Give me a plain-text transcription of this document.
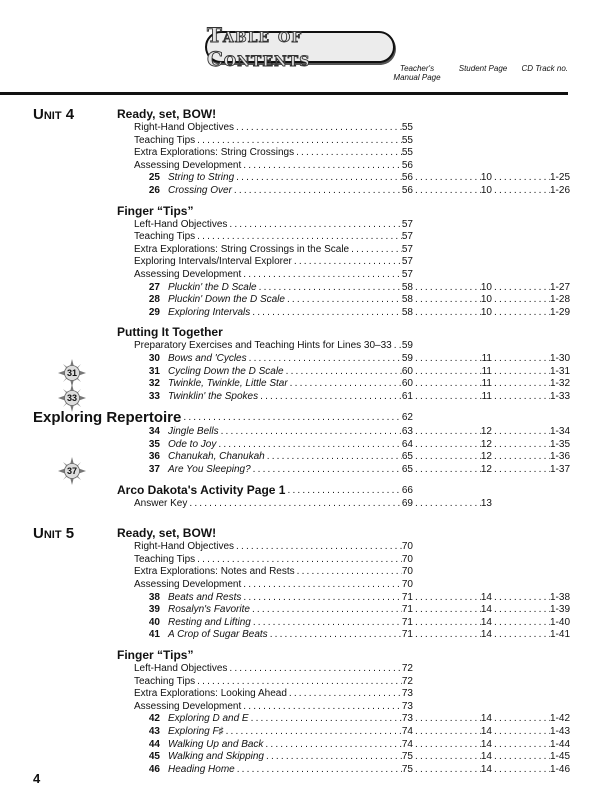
Table of Contents	Teacher's Manual Page
Student Page	CD Track no.
Unit 4	Ready, set, BOW!
Right-Hand Objectives . . .	55
Teaching Tips . . .	55
Extra Explorations: String Crossings . . .	55
Assessing Development . . .	56
25 String to String . . .	56 . . .	10 . . .	1-25
26 Crossing Over . . .	56 . . .	10 . . .	1-26
Finger “Tips”
Left-Hand Objectives . . .	57
Teaching Tips . . .	57
Extra Explorations: String Crossings in the Scale . . .	57
Exploring Intervals/Interval Explorer . . .	57
Assessing Development . . .	57
27 Pluckin' the D Scale . . .	58 . . .	10 . . .	1-27
28 Pluckin' Down the D Scale . . .	58 . . .	10 . . .	1-28
29 Exploring Intervals . . .	58 . . .	10 . . .	1-29
Putting It Together
Preparatory Exercises and Teaching Hints for Lines 30–33 . . . 59
30 Bows and 'Cycles . . .	59 . . .	11 . . .	1-30
31	31 Cycling Down the D Scale . . .	60 . . .	11 . . .	1-31
32 Twinkle, Twinkle, Little Star . . .	60 . . .	11 . . .	1-32
33	33 Twinklin' the Spokes . . .	61 . . .	11 . . .	1-33
Exploring Repertoire . . .	62
34 Jingle Bells . . .	63 . . .	12 . . .	1-34
35 Ode to Joy . . .	64 . . .	12 . . .	1-35
36 Chanukah, Chanukah . . .	65 . . .	12 . . .	1-36
37	37 Are You Sleeping? . . .	65 . . .	12 . . .	1-37
Arco Dakota's Activity Page 1 . . .	66
Answer Key . . .	69 . . .	13
Unit 5	Ready, set, BOW!
Right-Hand Objectives . . .	70
Teaching Tips . . .	70
Extra Explorations: Notes and Rests . . .	70
Assessing Development . . .	70
38 Beats and Rests . . .	71 . . .	14 . . .	1-38
39 Rosalyn's Favorite . . .	71 . . .	14 . . .	1-39
40 Resting and Lifting . . .	71 . . .	14 . . .	1-40
41 A Crop of Sugar Beats . . .	71 . . .	14 . . .	1-41
Finger “Tips”
Left-Hand Objectives . . .	72
Teaching Tips . . .	72
Extra Explorations: Looking Ahead . . .	73
Assessing Development . . .	73
42 Exploring D and E . . .	73 . . .	14 . . .	1-42
43 Exploring F♯ . . .	74 . . .	14 . . .	1-43
44 Walking Up and Back . . .	74 . . .	14 . . .	1-44
45 Walking and Skipping . . .	75 . . .	14 . . .	1-45
46 Heading Home . . .	75 . . .	14 . . .	1-46
4
